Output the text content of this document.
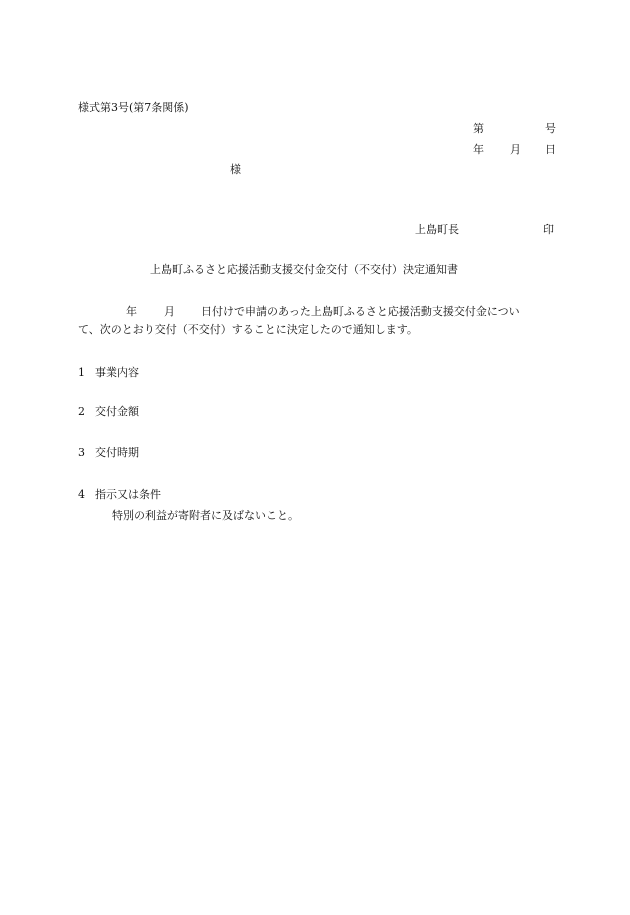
様式第3号(第7条関係)
第	号
年 月 日
様
上島町長	印
上島町ふるさと応援活動支援交付金交付（不交付）決定通知書
年 月 日付けで申請のあった上島町ふるさと応援活動支援交付金につい
て、次のとおり交付（不交付）することに決定したので通知します。
1 事業内容
2 交付金額
3 交付時期
4 指示又は条件
特別の利益が寄附者に及ばないこと。
